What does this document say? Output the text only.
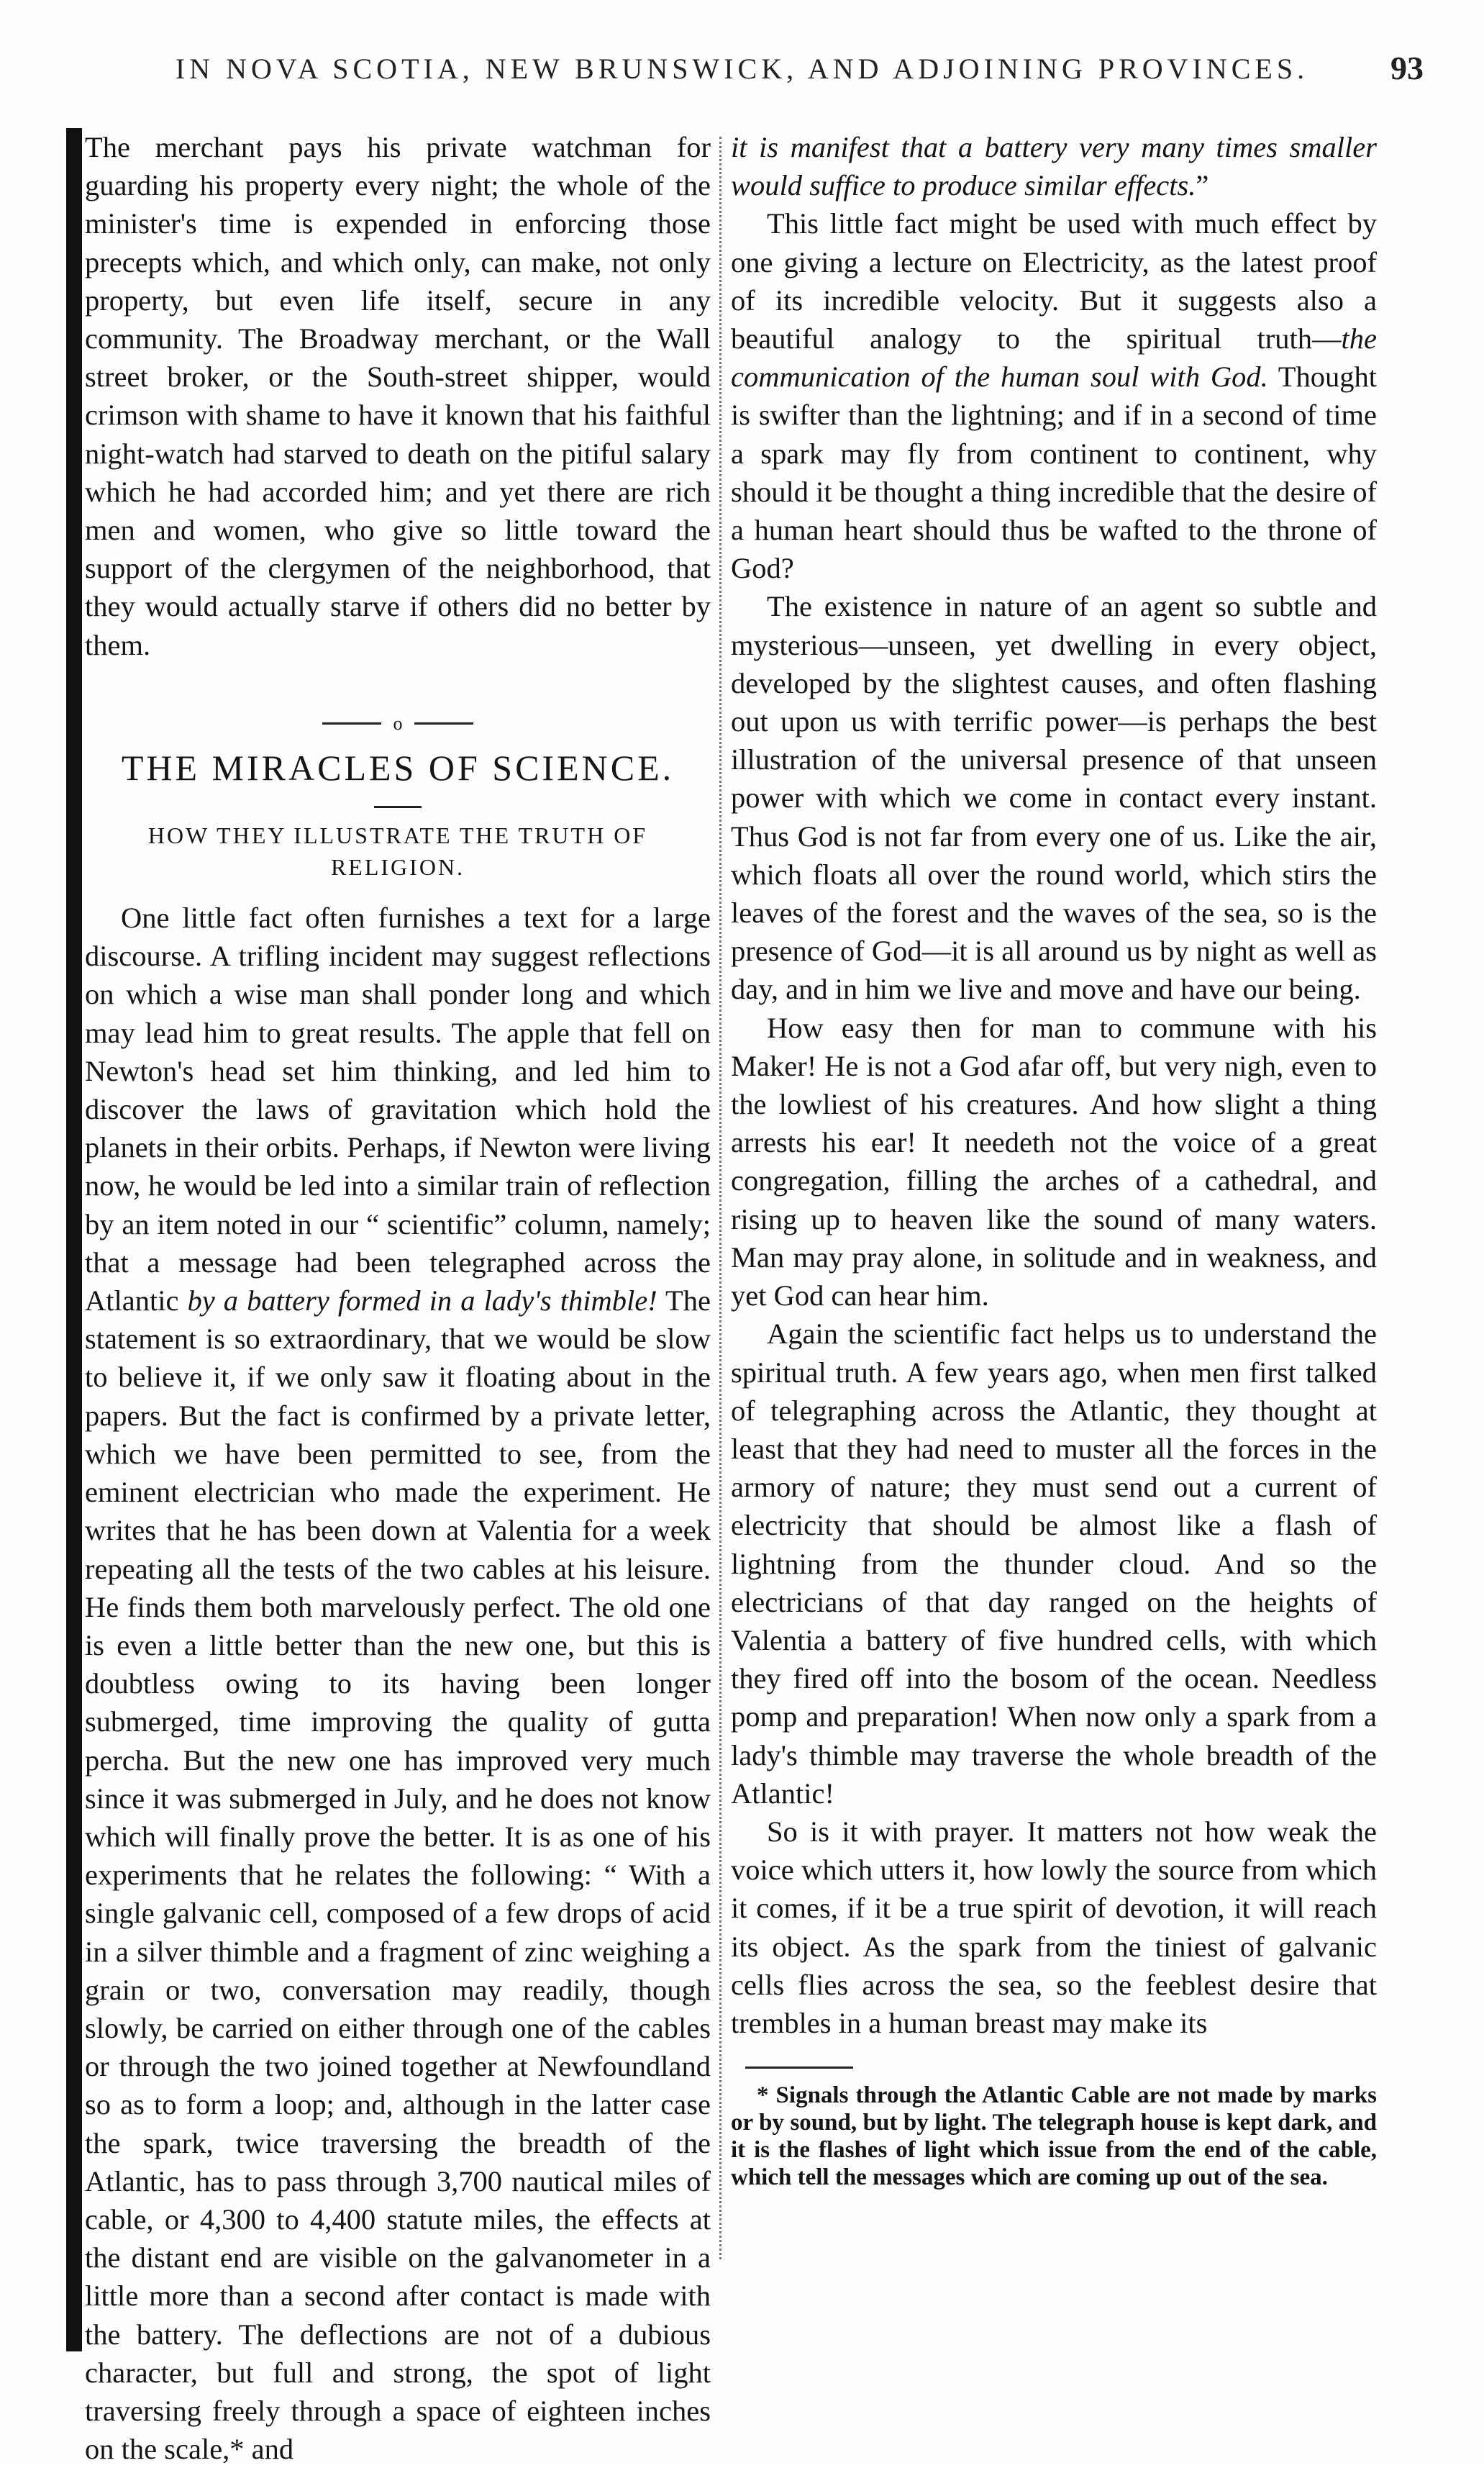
IN NOVA SCOTIA, NEW BRUNSWICK, AND ADJOINING PROVINCES.	93

The merchant pays his private watchman for guarding his property every night; the whole of the minister's time is expended in enforcing those precepts which, and which only, can make, not only property, but even life itself, secure in any community. The Broadway merchant, or the Wall street broker, or the South-street shipper, would crimson with shame to have it known that his faithful night-watch had starved to death on the pitiful salary which he had accorded him; and yet there are rich men and women, who give so little toward the support of the clergymen of the neighborhood, that they would actually starve if others did no better by them.

o
THE MIRACLES OF SCIENCE.
HOW THEY ILLUSTRATE THE TRUTH OF RELIGION.

One little fact often furnishes a text for a large discourse. A trifling incident may suggest reflections on which a wise man shall ponder long and which may lead him to great results. The apple that fell on Newton's head set him thinking, and led him to discover the laws of gravitation which hold the planets in their orbits. Perhaps, if Newton were living now, he would be led into a similar train of reflection by an item noted in our “ scientific” column, namely; that a message had been telegraphed across the Atlantic by a battery formed in a lady's thimble! The statement is so extraordinary, that we would be slow to believe it, if we only saw it floating about in the papers. But the fact is confirmed by a private letter, which we have been permitted to see, from the eminent electrician who made the experiment. He writes that he has been down at Valentia for a week repeating all the tests of the two cables at his leisure. He finds them both marvelously perfect. The old one is even a little better than the new one, but this is doubtless owing to its having been longer submerged, time improving the quality of gutta percha. But the new one has improved very much since it was submerged in July, and he does not know which will finally prove the better. It is as one of his experiments that he relates the following: “ With a single galvanic cell, composed of a few drops of acid in a silver thimble and a fragment of zinc weighing a grain or two, conversation may readily, though slowly, be carried on either through one of the cables or through the two joined together at Newfoundland so as to form a loop; and, although in the latter case the spark, twice traversing the breadth of the Atlantic, has to pass through 3,700 nautical miles of cable, or 4,300 to 4,400 statute miles, the effects at the distant end are visible on the galvanometer in a little more than a second after contact is made with the battery. The deflections are not of a dubious character, but full and strong, the spot of light traversing freely through a space of eighteen inches on the scale,* and

it is manifest that a battery very many times smaller would suffice to produce similar effects.”

This little fact might be used with much effect by one giving a lecture on Electricity, as the latest proof of its incredible velocity. But it suggests also a beautiful analogy to the spiritual truth—the communication of the human soul with God. Thought is swifter than the lightning; and if in a second of time a spark may fly from continent to continent, why should it be thought a thing incredible that the desire of a human heart should thus be wafted to the throne of God?

The existence in nature of an agent so subtle and mysterious—unseen, yet dwelling in every object, developed by the slightest causes, and often flashing out upon us with terrific power—is perhaps the best illustration of the universal presence of that unseen power with which we come in contact every instant. Thus God is not far from every one of us. Like the air, which floats all over the round world, which stirs the leaves of the forest and the waves of the sea, so is the presence of God—it is all around us by night as well as day, and in him we live and move and have our being.

How easy then for man to commune with his Maker! He is not a God afar off, but very nigh, even to the lowliest of his creatures. And how slight a thing arrests his ear! It needeth not the voice of a great congregation, filling the arches of a cathedral, and rising up to heaven like the sound of many waters. Man may pray alone, in solitude and in weakness, and yet God can hear him.

Again the scientific fact helps us to understand the spiritual truth. A few years ago, when men first talked of telegraphing across the Atlantic, they thought at least that they had need to muster all the forces in the armory of nature; they must send out a current of electricity that should be almost like a flash of lightning from the thunder cloud. And so the electricians of that day ranged on the heights of Valentia a battery of five hundred cells, with which they fired off into the bosom of the ocean. Needless pomp and preparation! When now only a spark from a lady's thimble may traverse the whole breadth of the Atlantic!

So is it with prayer. It matters not how weak the voice which utters it, how lowly the source from which it comes, if it be a true spirit of devotion, it will reach its object. As the spark from the tiniest of galvanic cells flies across the sea, so the feeblest desire that trembles in a human breast may make its

* Signals through the Atlantic Cable are not made by marks or by sound, but by light. The telegraph house is kept dark, and it is the flashes of light which issue from the end of the cable, which tell the messages which are coming up out of the sea.
